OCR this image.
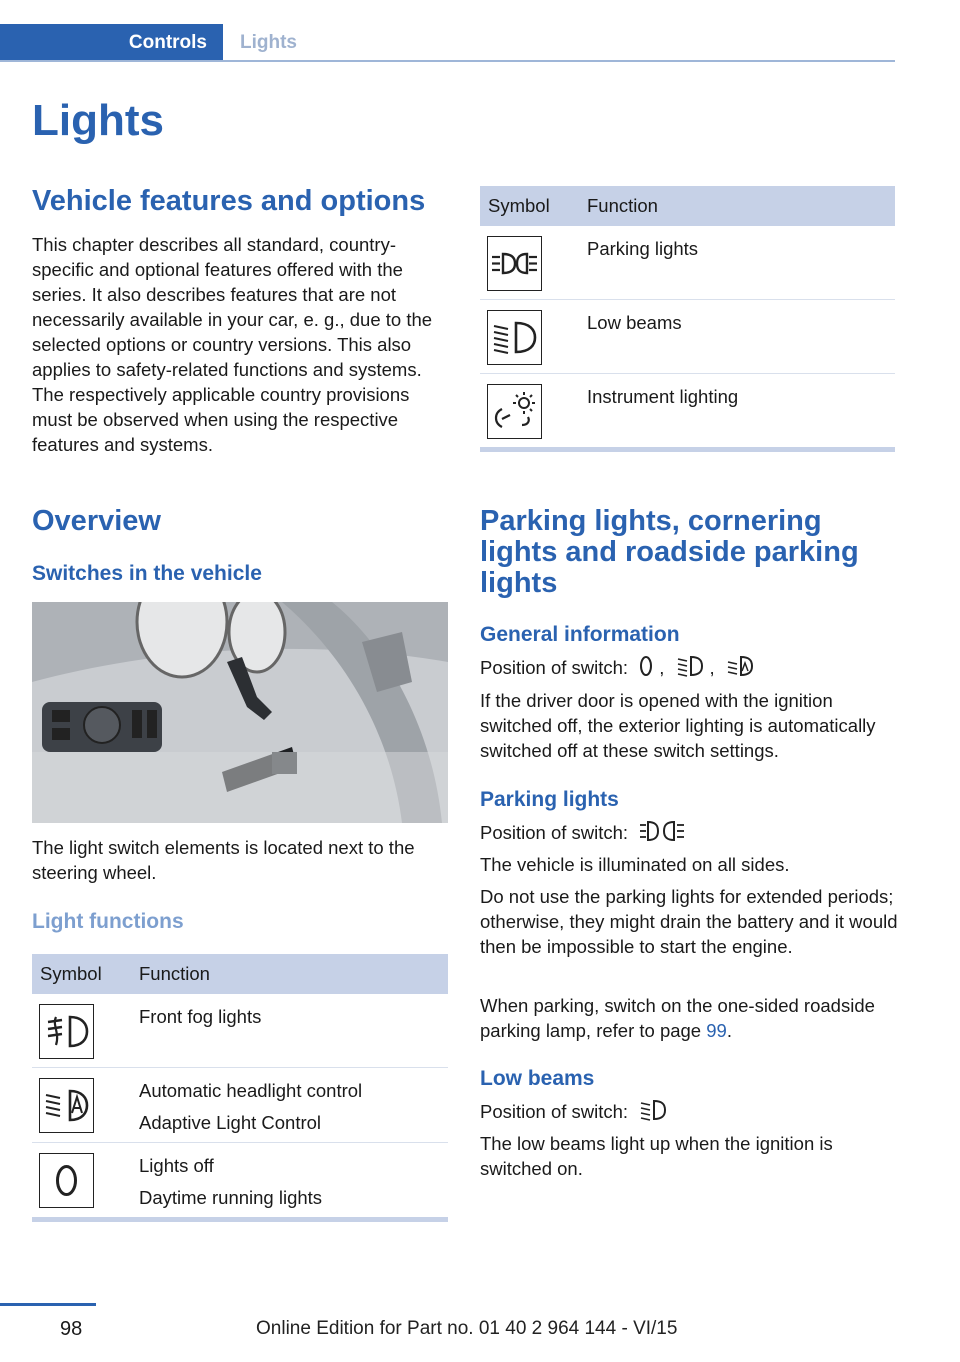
Controls Lights
Lights
Vehicle features and options

This chapter describes all standard, country-specific and optional features offered with the series. It also describes features that are not necessarily available in your car, e. g., due to the selected options or country versions. This also applies to safety-related functions and systems. The respectively applicable country provisions must be observed when using the respective features and systems.

Overview
Switches in the vehicle
The light switch elements is located next to the steering wheel.
Light functions
Symbol	Function

Front fog lights

Automatic headlight control
Adaptive Light Control

Lights off
Daytime running lights
Symbol	Function

Parking lights

Low beams

Instrument lighting
Parking lights, cornering lights and roadside parking lights
General information
Position of switch: , ,
If the driver door is opened with the ignition switched off, the exterior lighting is automatically switched off at these switch settings.
Parking lights
Position of switch:
The vehicle is illuminated on all sides.
Do not use the parking lights for extended periods; otherwise, they might drain the battery and it would then be impossible to start the engine.
When parking, switch on the one-sided roadside parking lamp, refer to page 99.
Low beams
Position of switch:
The low beams light up when the ignition is switched on.
98	Online Edition for Part no. 01 40 2 964 144 - VI/15
